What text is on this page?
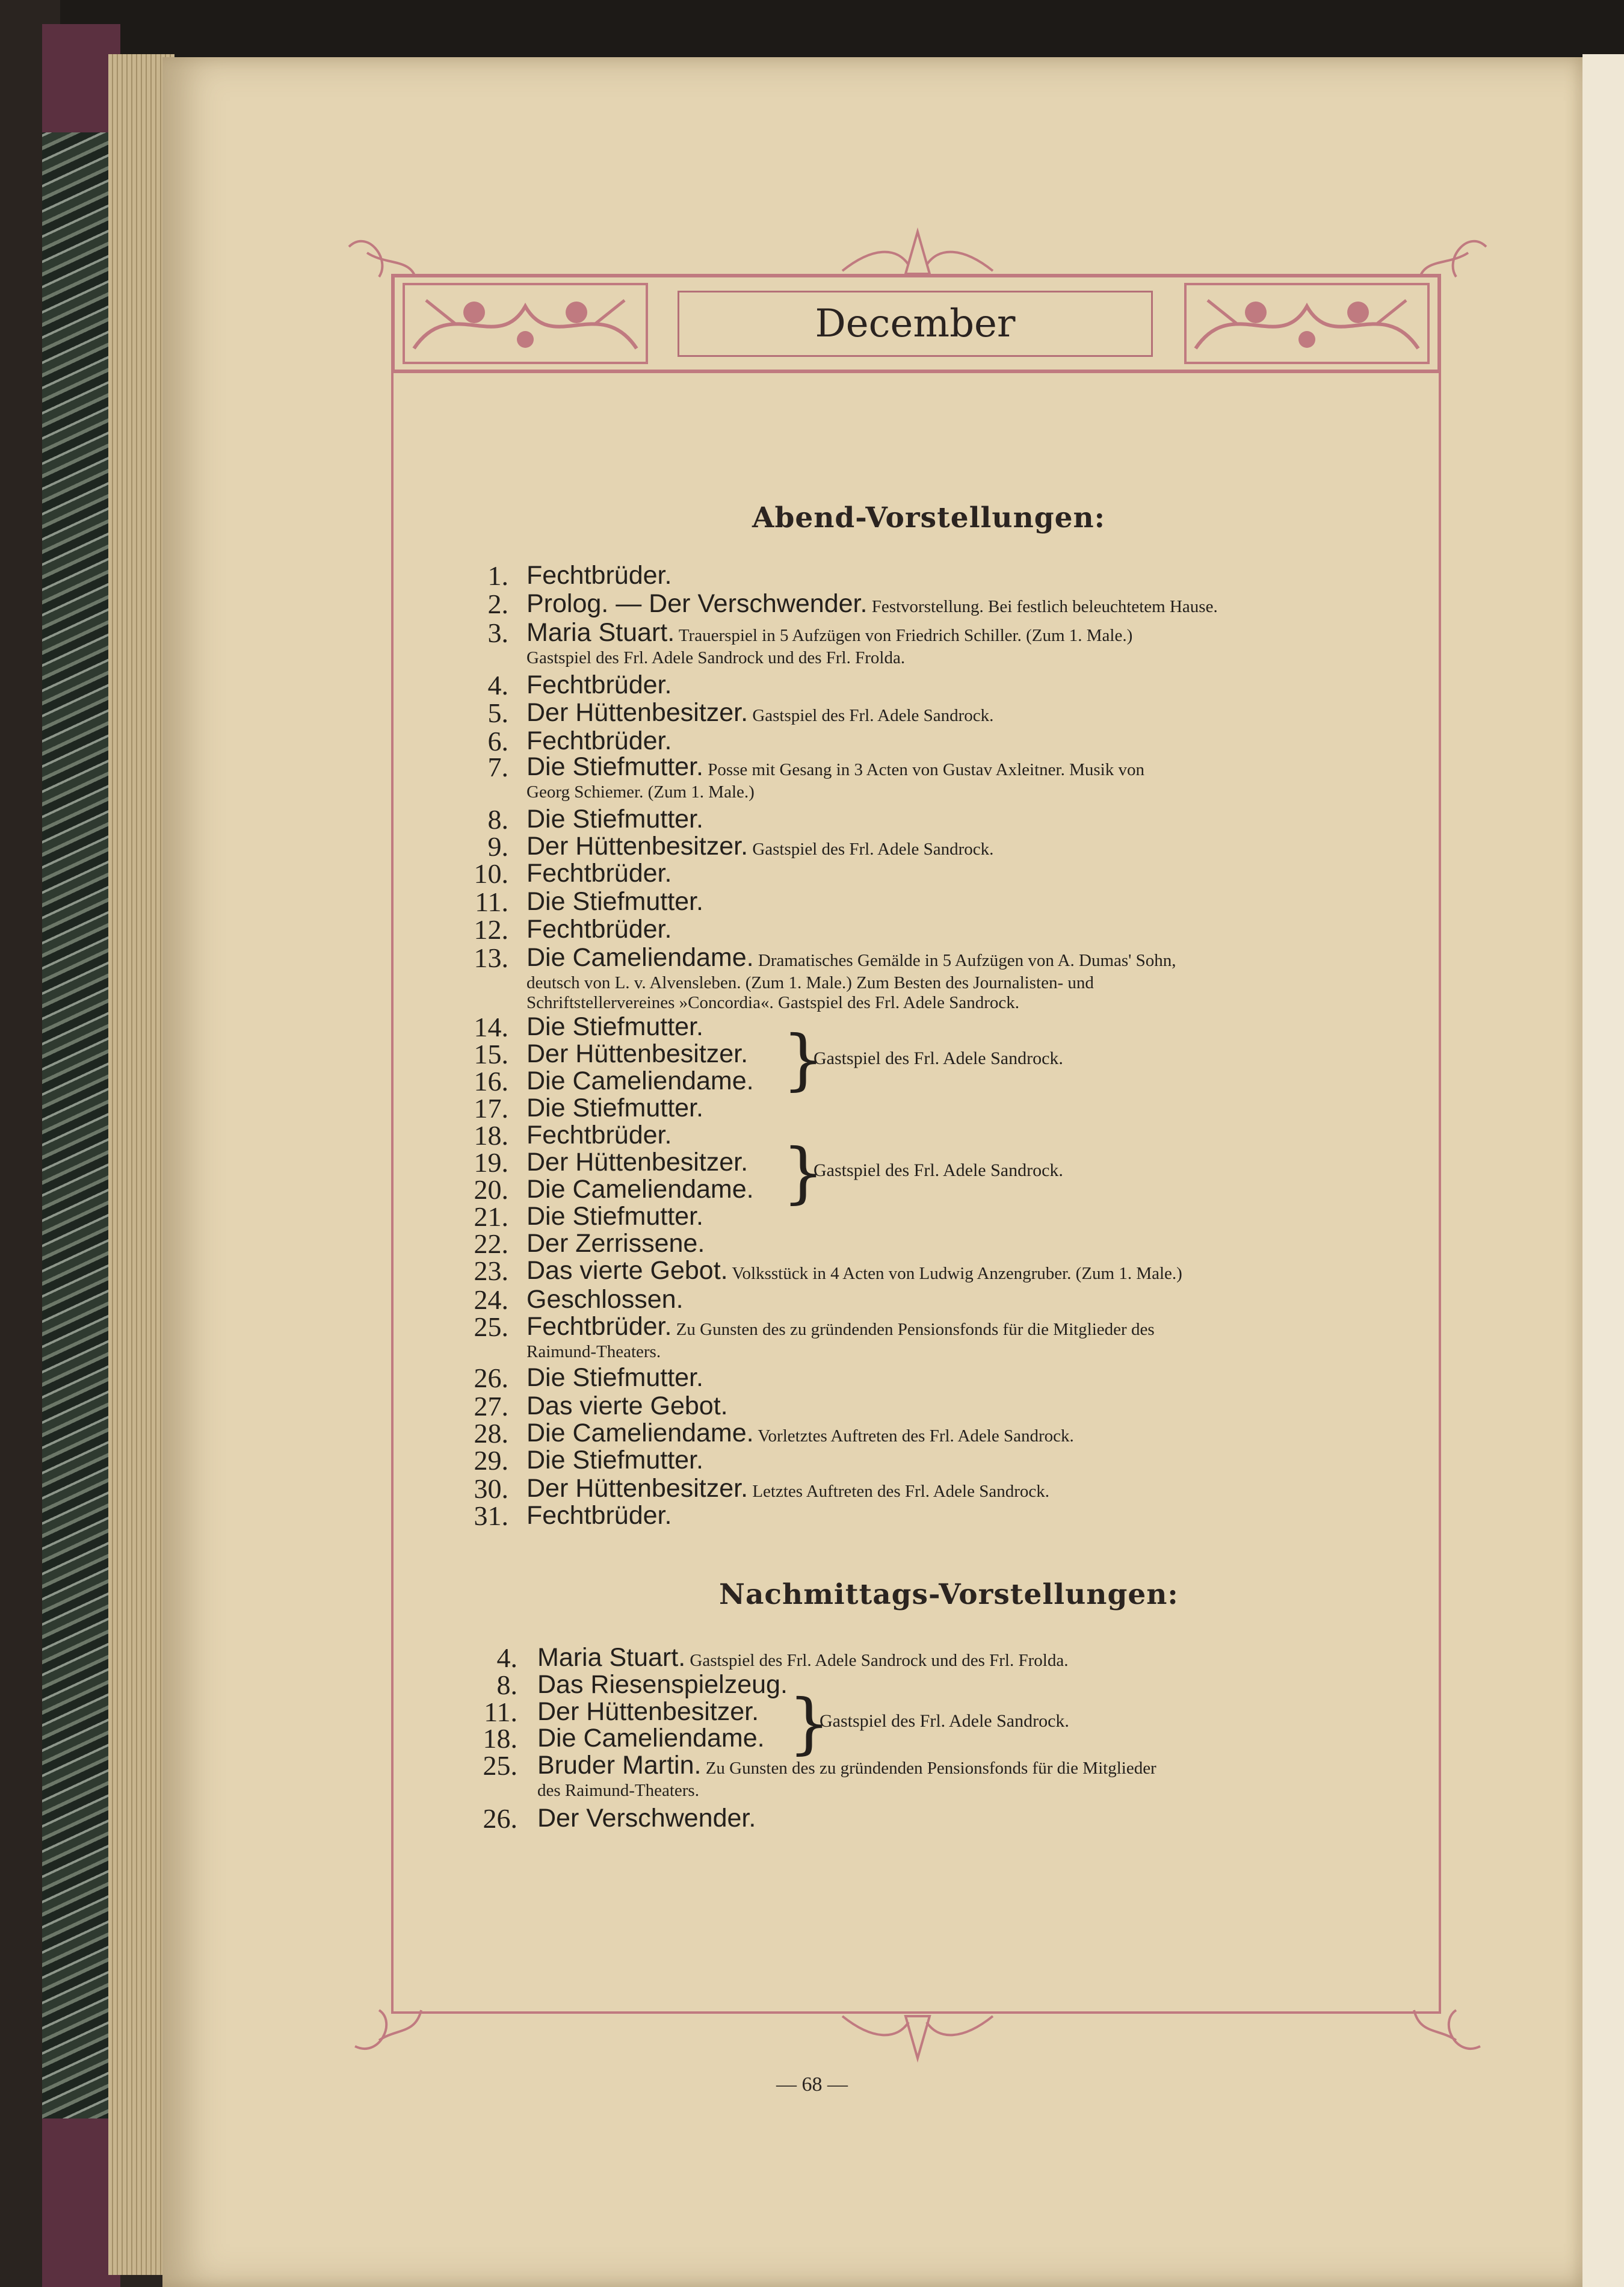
December
Abend-Vorstellungen:
1. Fechtbrüder.
2. Prolog. — Der Verschwender. Festvorstellung. Bei festlich beleuchtetem Hause.
3. Maria Stuart. Trauerspiel in 5 Aufzügen von Friedrich Schiller. (Zum 1. Male.)
Gastspiel des Frl. Adele Sandrock und des Frl. Frolda.
4. Fechtbrüder.
5. Der Hüttenbesitzer. Gastspiel des Frl. Adele Sandrock.
6. Fechtbrüder.
7. Die Stiefmutter. Posse mit Gesang in 3 Acten von Gustav Axleitner. Musik von
Georg Schiemer. (Zum 1. Male.)
8. Die Stiefmutter.
9. Der Hüttenbesitzer. Gastspiel des Frl. Adele Sandrock.
10. Fechtbrüder.
11. Die Stiefmutter.
12. Fechtbrüder.
13. Die Cameliendame. Dramatisches Gemälde in 5 Aufzügen von A. Dumas' Sohn,
deutsch von L. v. Alvensleben. (Zum 1. Male.) Zum Besten des Journalisten- und
Schriftstellervereines »Concordia«. Gastspiel des Frl. Adele Sandrock.
14. Die Stiefmutter.
15. Der Hüttenbesitzer.
16. Die Cameliendame.
17. Die Stiefmutter.
18. Fechtbrüder.
19. Der Hüttenbesitzer.
20. Die Cameliendame.
21. Die Stiefmutter.
22. Der Zerrissene.
23. Das vierte Gebot. Volksstück in 4 Acten von Ludwig Anzengruber. (Zum 1. Male.)
24. Geschlossen.
25. Fechtbrüder. Zu Gunsten des zu gründenden Pensionsfonds für die Mitglieder des
Raimund-Theaters.
26. Die Stiefmutter.
27. Das vierte Gebot.
28. Die Cameliendame. Vorletztes Auftreten des Frl. Adele Sandrock.
29. Die Stiefmutter.
30. Der Hüttenbesitzer. Letztes Auftreten des Frl. Adele Sandrock.
31. Fechtbrüder.
Nachmittags-Vorstellungen:
4. Maria Stuart. Gastspiel des Frl. Adele Sandrock und des Frl. Frolda.
8. Das Riesenspielzeug.
11. Der Hüttenbesitzer.
18. Die Cameliendame.
25. Bruder Martin. Zu Gunsten des zu gründenden Pensionsfonds für die Mitglieder
des Raimund-Theaters.
26. Der Verschwender.
}
Gastspiel des Frl. Adele Sandrock.
}
Gastspiel des Frl. Adele Sandrock.
}
Gastspiel des Frl. Adele Sandrock.
— 68 —
